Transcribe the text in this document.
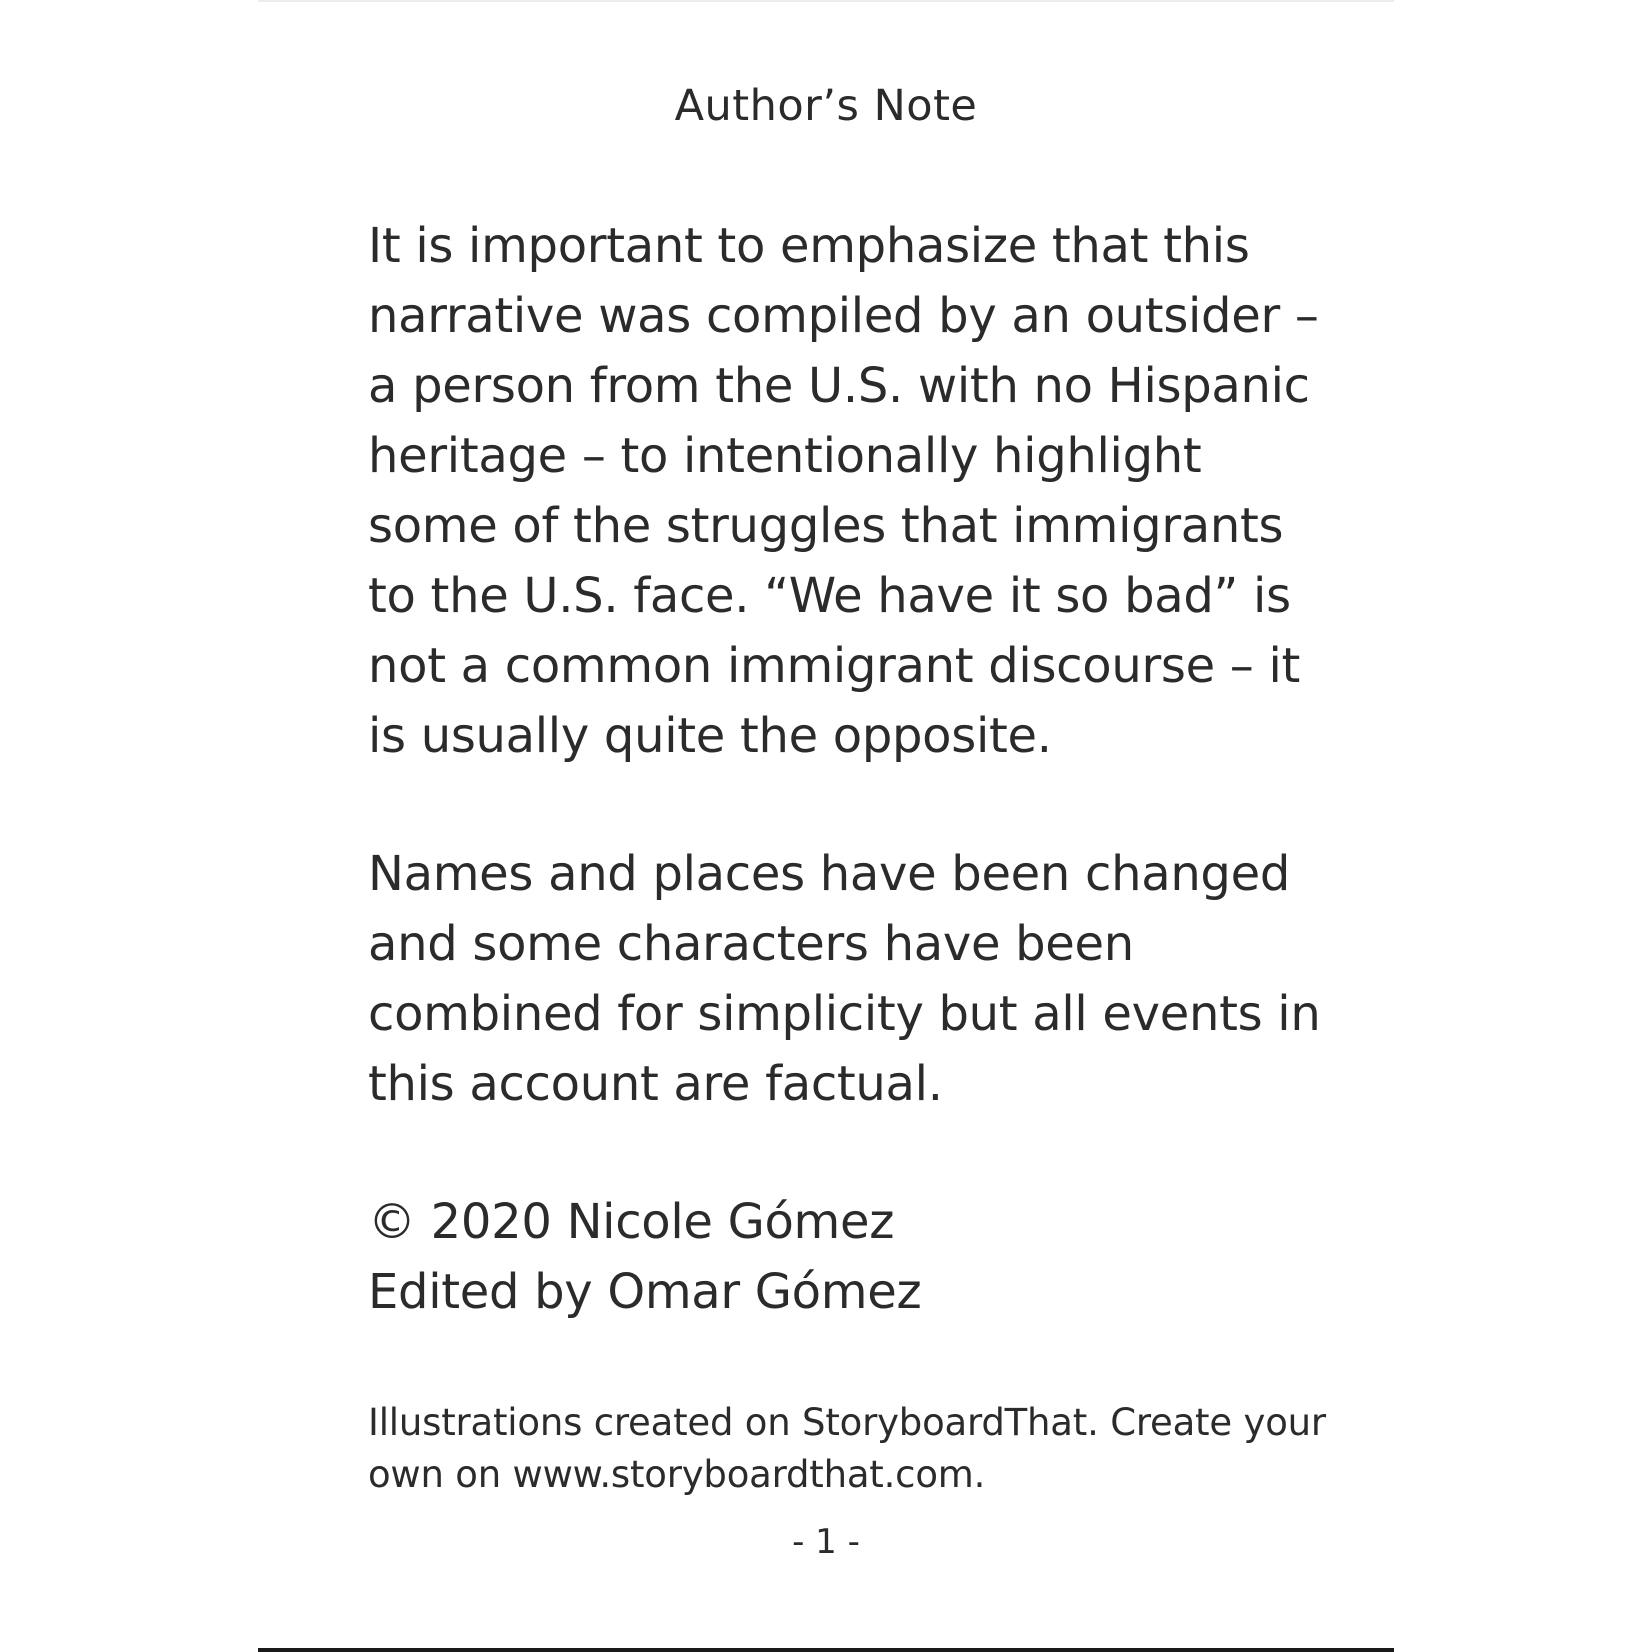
Author’s Note
It is important to emphasize that this
narrative was compiled by an outsider –
a person from the U.S. with no Hispanic
heritage – to intentionally highlight
some of the struggles that immigrants
to the U.S. face. “We have it so bad” is
not a common immigrant discourse – it
is usually quite the opposite.
Names and places have been changed
and some characters have been
combined for simplicity but all events in
this account are factual.
© 2020 Nicole Gómez
Edited by Omar Gómez
Illustrations created on StoryboardThat. Create your
own on www.storyboardthat.com.
- 1 -
